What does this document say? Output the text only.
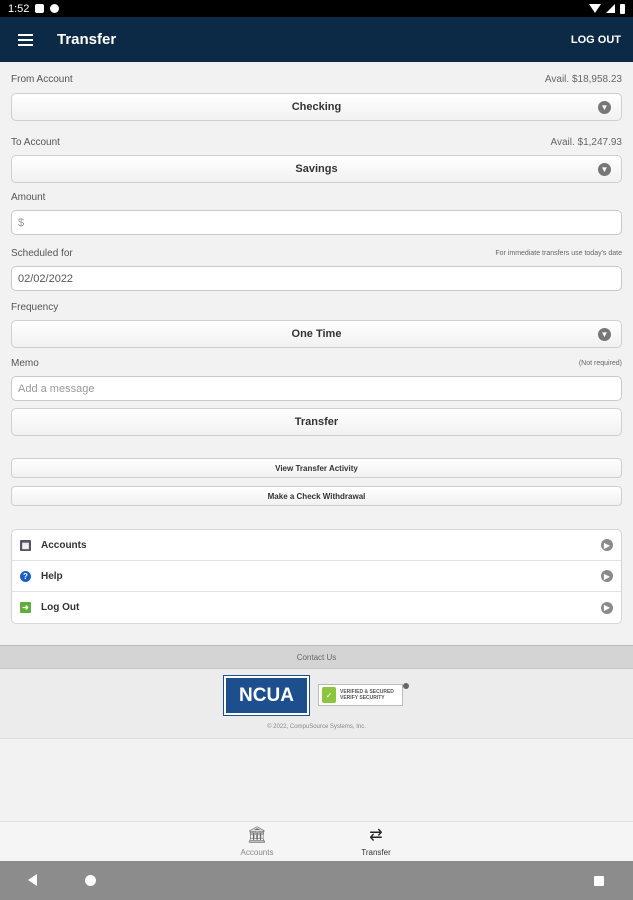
1:52
Transfer	LOG OUT
From Account	Avail. $18,958.23
Checking	▼
To Account	Avail. $1,247.93
Savings	▼
Amount
$
Scheduled for	For immediate transfers use today's date
02/02/2022
Frequency
One Time	▼
Memo	(Not required)
Add a message
Transfer
View Transfer Activity
Make a Check Withdrawal
▦ Accounts	▶
?	Help	▶
➜ Log Out	▶
Contact Us
NCUA	✓	VERIFIED & SECURED
VERIFY SECURITY
© 2022, CompuSource Systems, Inc.
🏛
Accounts
⇄
Transfer
